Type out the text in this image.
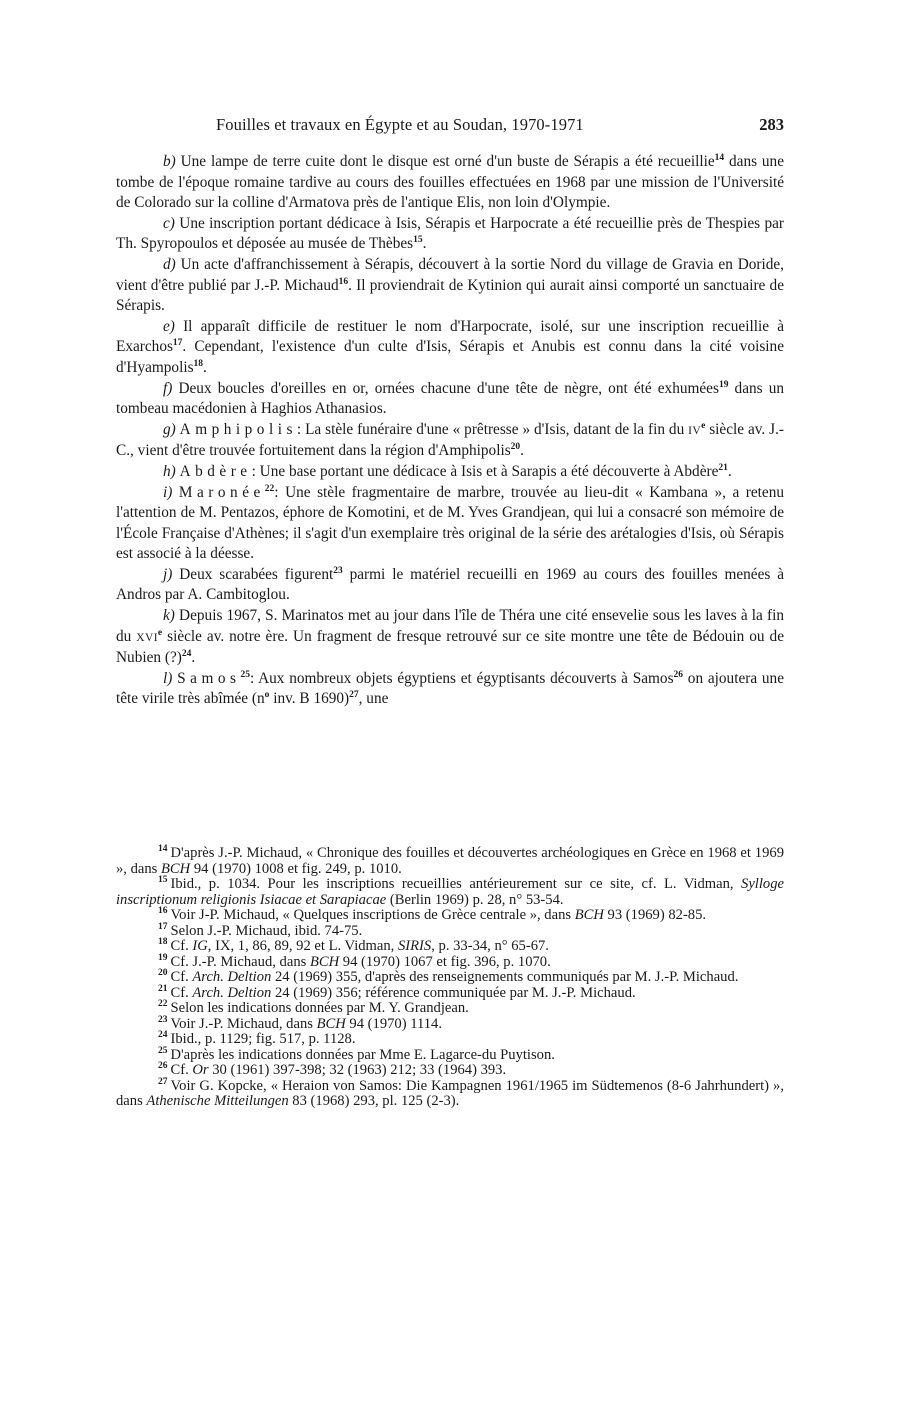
Fouilles et travaux en Égypte et au Soudan, 1970-1971	283

b) Une lampe de terre cuite dont le disque est orné d'un buste de Sérapis a été recueillie$^{14}$ dans une tombe de l'époque romaine tardive au cours des fouilles effectuées en 1968 par une mission de l'Université de Colorado sur la colline d'Armatova près de l'antique Elis, non loin d'Olympie.

c) Une inscription portant dédicace à Isis, Sérapis et Harpocrate a été recueillie près de Thespies par Th. Spyropoulos et déposée au musée de Thèbes$^{15}$.

d) Un acte d'affranchissement à Sérapis, découvert à la sortie Nord du village de Gravia en Doride, vient d'être publié par J.-P. Michaud$^{16}$. Il proviendrait de Kytinion qui aurait ainsi comporté un sanctuaire de Sérapis.

e) Il apparaît difficile de restituer le nom d'Harpocrate, isolé, sur une inscription recueillie à Exarchos$^{17}$. Cependant, l'existence d'un culte d'Isis, Sérapis et Anubis est connu dans la cité voisine d'Hyampolis$^{18}$.

f) Deux boucles d'oreilles en or, ornées chacune d'une tête de nègre, ont été exhumées$^{19}$ dans un tombeau macédonien à Haghios Athanasios.

g) Amphipolis: La stèle funéraire d'une « prêtresse » d'Isis, datant de la fin du IVe siècle av. J.-C., vient d'être trouvée fortuitement dans la région d'Amphipolis$^{20}$.

h) Abdère: Une base portant une dédicace à Isis et à Sarapis a été découverte à Abdère$^{21}$.

i) Maronée$^{22}$: Une stèle fragmentaire de marbre, trouvée au lieu-dit « Kambana », a retenu l'attention de M. Pentazos, éphore de Komotini, et de M. Yves Grandjean, qui lui a consacré son mémoire de l'École Française d'Athènes; il s'agit d'un exemplaire très original de la série des arétalogies d'Isis, où Sérapis est associé à la déesse.

j) Deux scarabées figurent$^{23}$ parmi le matériel recueilli en 1969 au cours des fouilles menées à Andros par A. Cambitoglou.

k) Depuis 1967, S. Marinatos met au jour dans l'île de Théra une cité ensevelie sous les laves à la fin du XVIe siècle av. notre ère. Un fragment de fresque retrouvé sur ce site montre une tête de Bédouin ou de Nubien (?)$^{24}$.

l) Samos$^{25}$: Aux nombreux objets égyptiens et égyptisants découverts à Samos$^{26}$ on ajoutera une tête virile très abîmée ($n^o$ inv. B 1690)$^{27}$, une

$^{14}$ D'après J.-P. Michaud, « Chronique des fouilles et découvertes archéologiques en Grèce en 1968 et 1969 », dans BCH 94 (1970) 1008 et fig. 249, p. 1010.

$^{15}$ Ibid., p. 1034. Pour les inscriptions recueillies antérieurement sur ce site, cf. L. Vidman, Sylloge inscriptionum religionis Isiacae et Sarapiacae (Berlin 1969) p. 28, n° 53-54.

$^{16}$ Voir J-P. Michaud, « Quelques inscriptions de Grèce centrale », dans BCH 93 (1969) 82-85.

$^{17}$ Selon J.-P. Michaud, ibid. 74-75.

$^{18}$ Cf. IG, IX, 1, 86, 89, 92 et L. Vidman, SIRIS, p. 33-34, n° 65-67.

$^{19}$ Cf. J.-P. Michaud, dans BCH 94 (1970) 1067 et fig. 396, p. 1070.

$^{20}$ Cf. Arch. Deltion 24 (1969) 355, d'après des renseignements communiqués par M. J.-P. Michaud.

$^{21}$ Cf. Arch. Deltion 24 (1969) 356; référence communiquée par M. J.-P. Michaud.

$^{22}$ Selon les indications données par M. Y. Grandjean.

$^{23}$ Voir J.-P. Michaud, dans BCH 94 (1970) 1114.

$^{24}$ Ibid., p. 1129; fig. 517, p. 1128.

$^{25}$ D'après les indications données par Mme E. Lagarce-du Puytison.

$^{26}$ Cf. Or 30 (1961) 397-398; 32 (1963) 212; 33 (1964) 393.

$^{27}$ Voir G. Kopcke, « Heraion von Samos: Die Kampagnen 1961/1965 im Südtemenos (8-6 Jahrhundert) », dans Athenische Mitteilungen 83 (1968) 293, pl. 125 (2-3).
